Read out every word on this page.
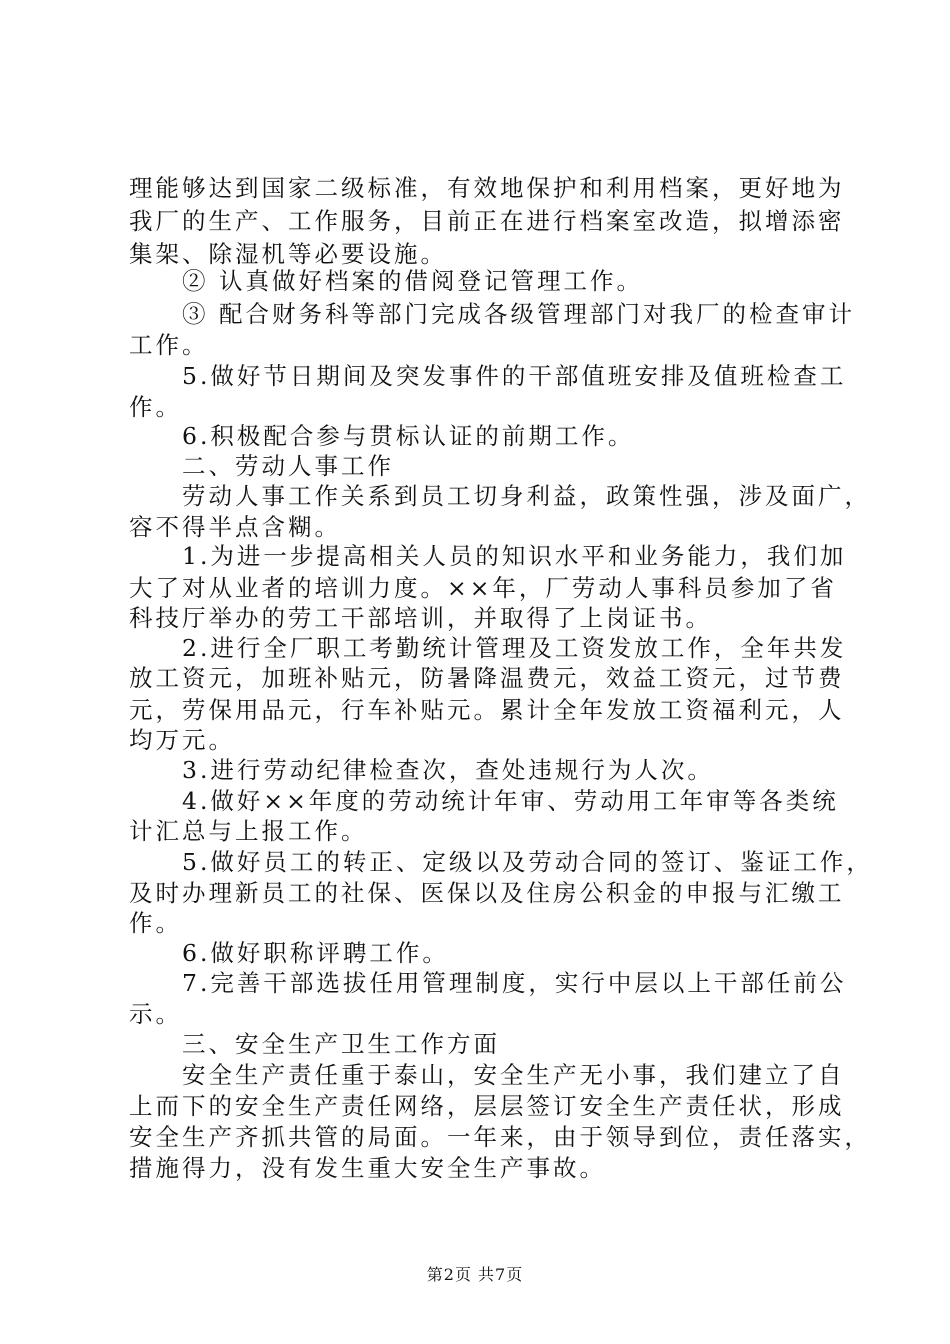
理能够达到国家二级标准，有效地保护和利用档案，更好地为
我厂的生产、工作服务，目前正在进行档案室改造，拟增添密
集架、除湿机等必要设施。
　　② 认真做好档案的借阅登记管理工作。
　　③ 配合财务科等部门完成各级管理部门对我厂的检查审计
工作。
　　5.做好节日期间及突发事件的干部值班安排及值班检查工
作。
　　6.积极配合参与贯标认证的前期工作。
　　二、劳动人事工作
　　劳动人事工作关系到员工切身利益，政策性强，涉及面广，
容不得半点含糊。
　　1.为进一步提高相关人员的知识水平和业务能力，我们加
大了对从业者的培训力度。××年，厂劳动人事科员参加了省
科技厅举办的劳工干部培训，并取得了上岗证书。
　　2.进行全厂职工考勤统计管理及工资发放工作，全年共发
放工资元，加班补贴元，防暑降温费元，效益工资元，过节费
元，劳保用品元，行车补贴元。累计全年发放工资福利元，人
均万元。
　　3.进行劳动纪律检查次，查处违规行为人次。
　　4.做好××年度的劳动统计年审、劳动用工年审等各类统
计汇总与上报工作。
　　5.做好员工的转正、定级以及劳动合同的签订、鉴证工作，
及时办理新员工的社保、医保以及住房公积金的申报与汇缴工
作。
　　6.做好职称评聘工作。
　　7.完善干部选拔任用管理制度，实行中层以上干部任前公
示。
　　三、安全生产卫生工作方面
　　安全生产责任重于泰山，安全生产无小事，我们建立了自
上而下的安全生产责任网络，层层签订安全生产责任状，形成
安全生产齐抓共管的局面。一年来，由于领导到位，责任落实，
措施得力，没有发生重大安全生产事故。
第2页 共7页
